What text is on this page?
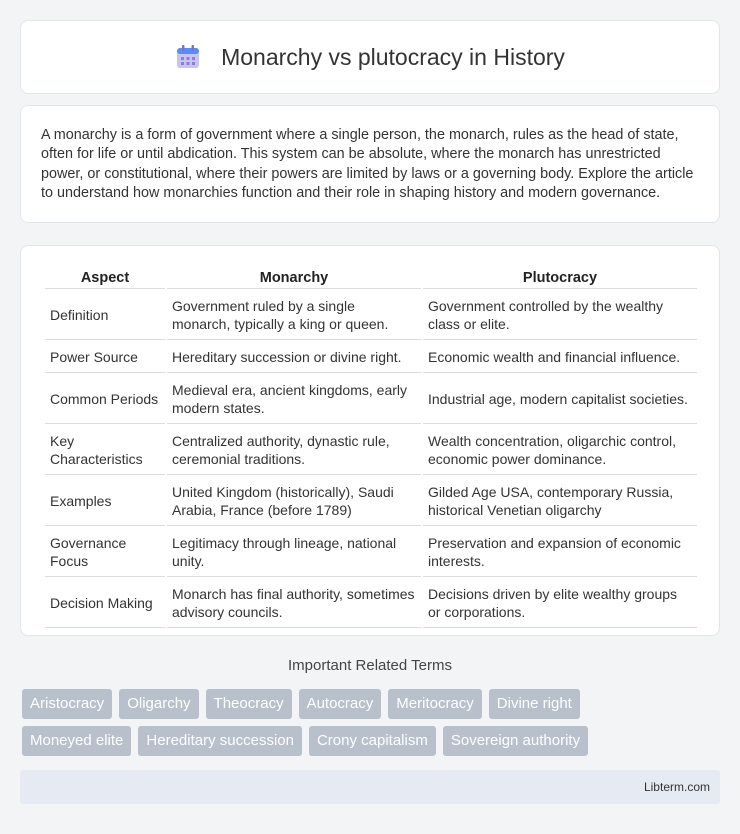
Monarchy vs plutocracy in History

A monarchy is a form of government where a single person, the monarch, rules as the head of state, often for life or until abdication. This system can be absolute, where the monarch has unrestricted power, or constitutional, where their powers are limited by laws or a governing body. Explore the article to understand how monarchies function and their role in shaping history and modern governance.

Aspect	Monarchy	Plutocracy
Definition	Government ruled by a single monarch, typically a king or queen.	Government controlled by the wealthy class or elite.
Power Source	Hereditary succession or divine right.	Economic wealth and financial influence.
Common Periods	Medieval era, ancient kingdoms, early modern states.	Industrial age, modern capitalist societies.
Key Characteristics	Centralized authority, dynastic rule, ceremonial traditions.	Wealth concentration, oligarchic control, economic power dominance.
Examples	United Kingdom (historically), Saudi Arabia, France (before 1789)	Gilded Age USA, contemporary Russia, historical Venetian oligarchy
Governance Focus	Legitimacy through lineage, national unity.	Preservation and expansion of economic interests.
Decision Making	Monarch has final authority, sometimes advisory councils.	Decisions driven by elite wealthy groups or corporations.
Important Related Terms
Aristocracy	Oligarchy	Theocracy	Autocracy	Meritocracy	Divine right
Moneyed elite	Hereditary succession	Crony capitalism	Sovereign authority
Libterm.com
